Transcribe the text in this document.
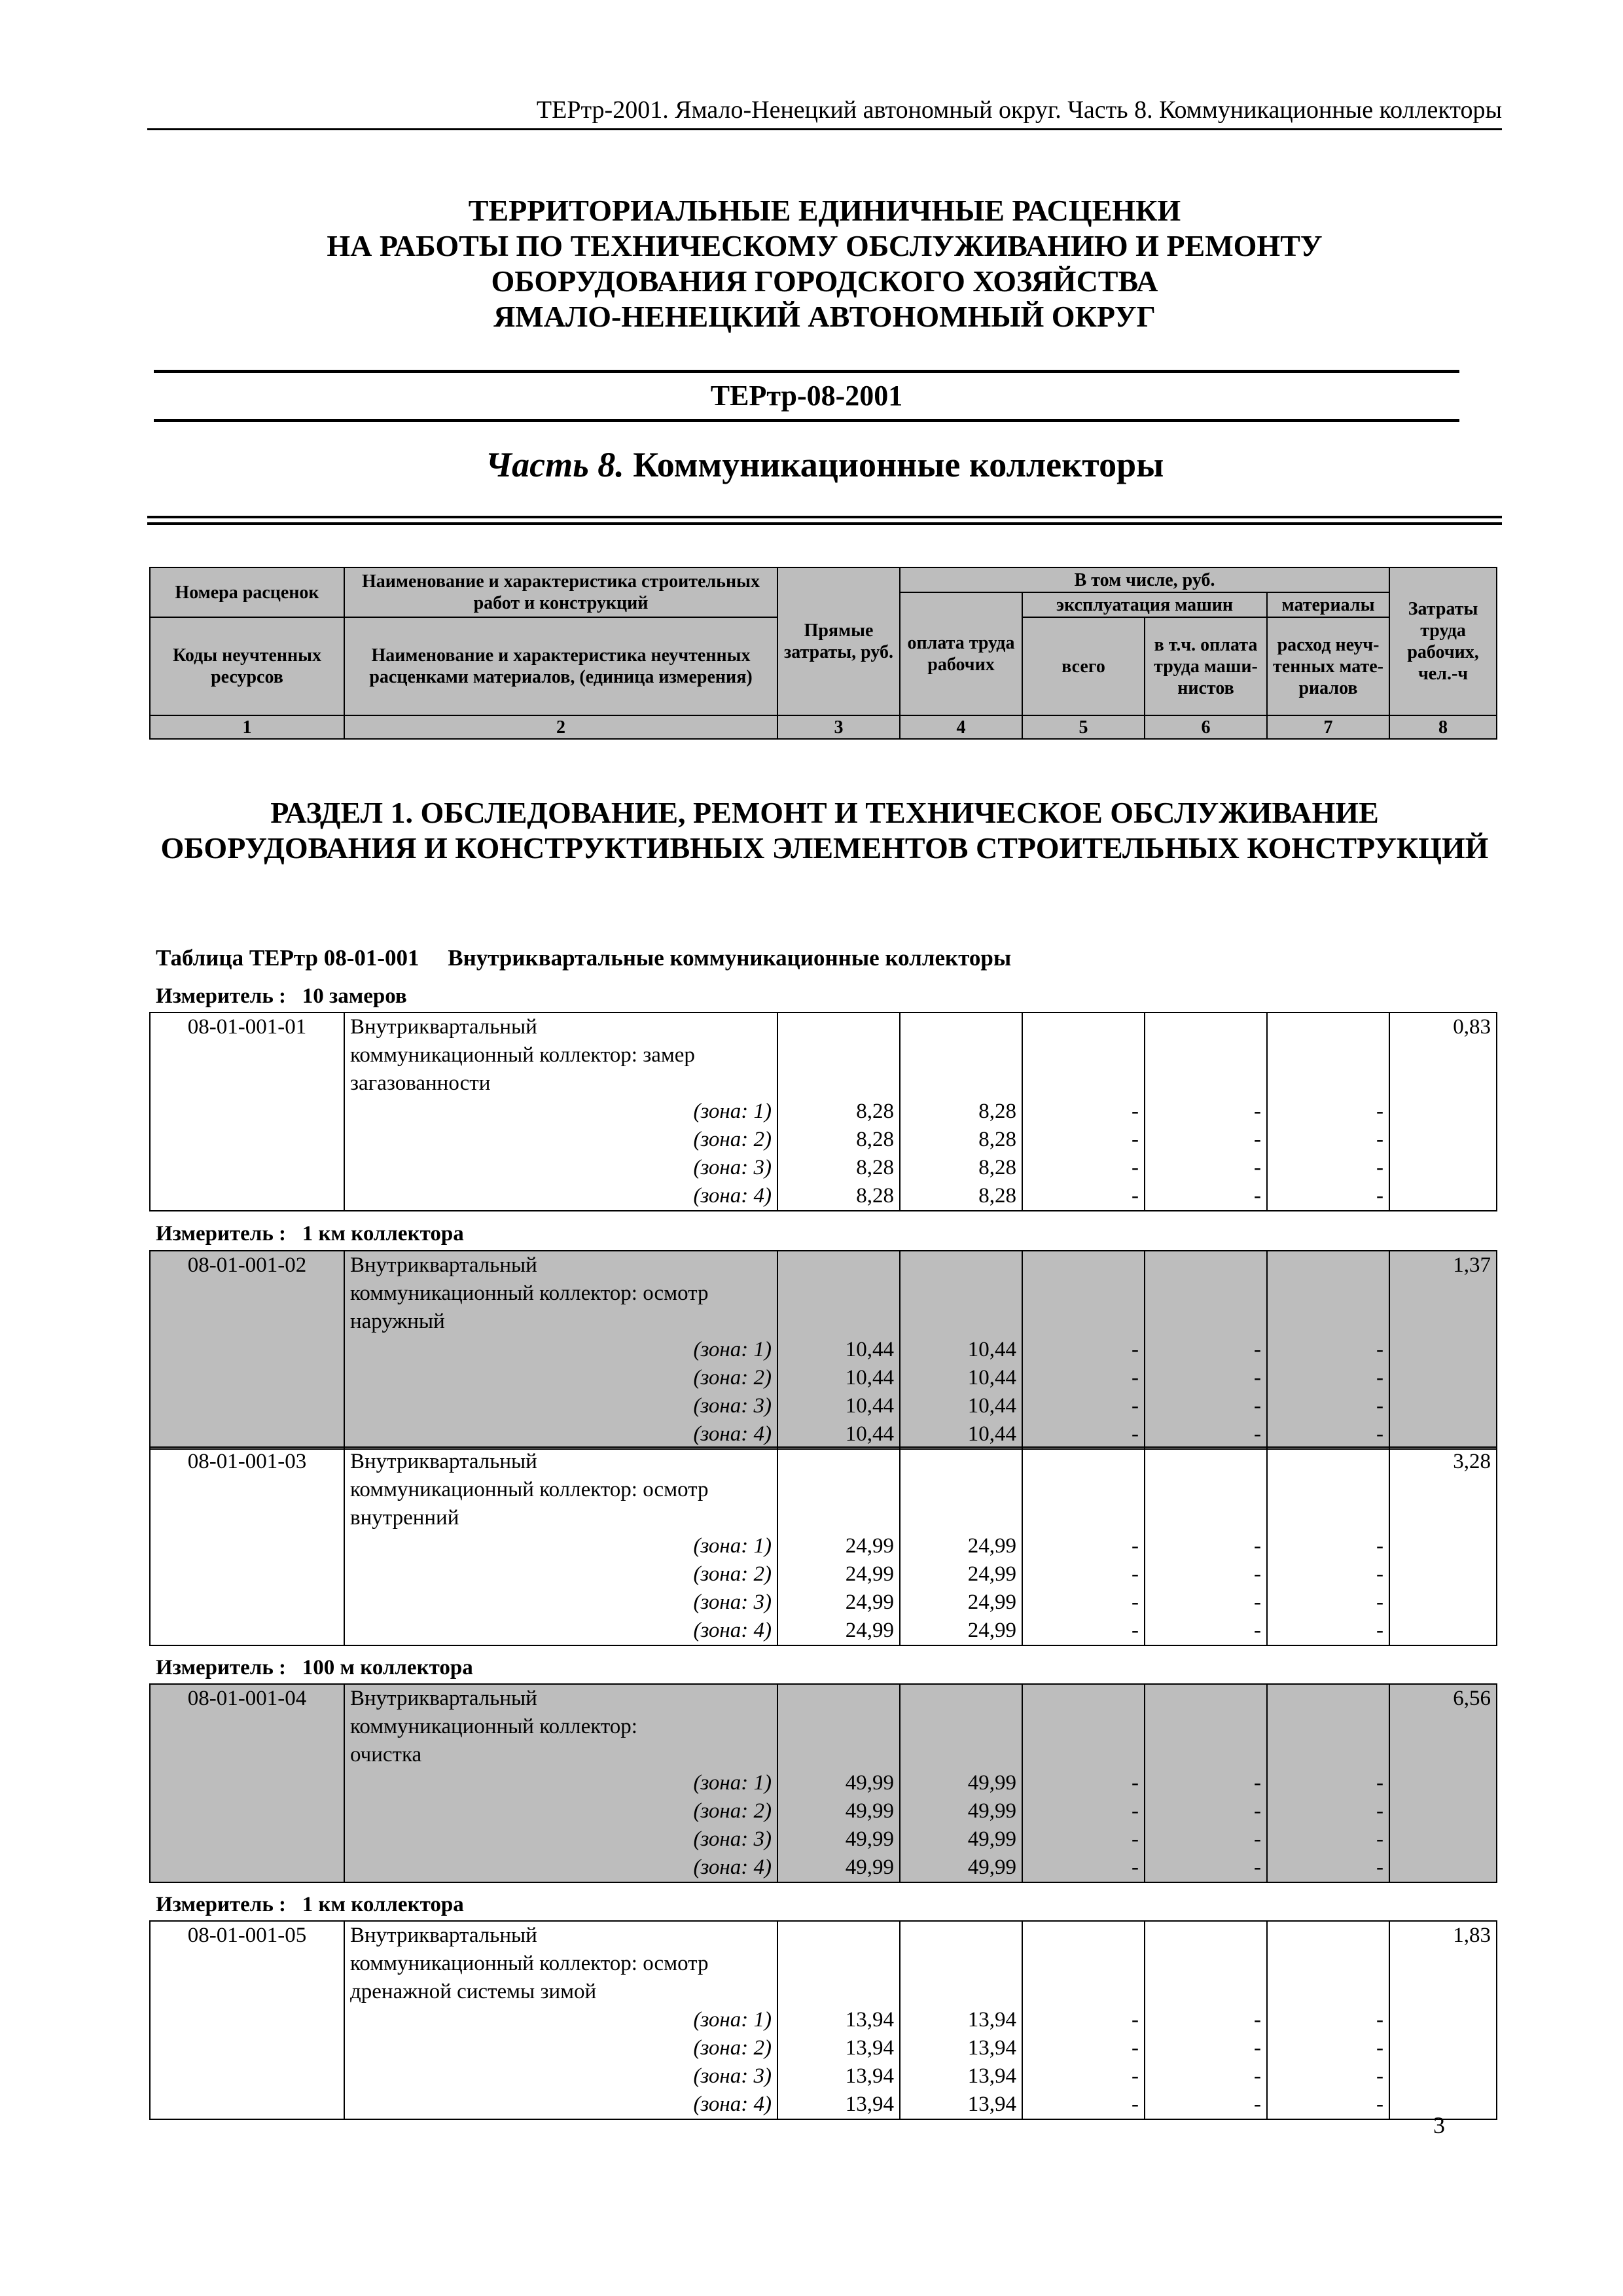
ТЕРтр-2001. Ямало-Ненецкий автономный округ. Часть 8. Коммуникационные коллекторы
ТЕРРИТОРИАЛЬНЫЕ ЕДИНИЧНЫЕ РАСЦЕНКИ
НА РАБОТЫ ПО ТЕХНИЧЕСКОМУ ОБСЛУЖИВАНИЮ И РЕМОНТУ
ОБОРУДОВАНИЯ ГОРОДСКОГО ХОЗЯЙСТВА
ЯМАЛО-НЕНЕЦКИЙ АВТОНОМНЫЙ ОКРУГ
ТЕРтр-08-2001
Часть 8. Коммуникационные коллекторы
Номера расценок	Наименование и характеристика строительных работ и конструкций	Прямые затраты, руб.	В том числе, руб.				Затраты труда рабочих, чел.-ч
			оплата труда рабочих	эксплуатация машин		материалы	
Коды неучтенных ресурсов	Наименование и характеристика неучтенных расценками материалов, (единица измерения)			всего	в т.ч. оплата труда маши- нистов	расход неуч- тенных мате- риалов	

1	2	3	4	5	6	7	8
РАЗДЕЛ 1. ОБСЛЕДОВАНИЕ, РЕМОНТ И ТЕХНИЧЕСКОЕ ОБСЛУЖИВАНИЕ ОБОРУДОВАНИЯ И КОНСТРУКТИВНЫХ ЭЛЕМЕНТОВ СТРОИТЕЛЬНЫХ КОНСТРУКЦИЙ
Таблица ТЕРтр 08-01-001 Внутриквартальные коммуникационные коллекторы
Измеритель : 10 замеров
Измеритель : 1 км коллектора
Измеритель : 100 м коллектора
Измеритель : 1 км коллектора
08-01-001-01	Внутриквартальный						0,83
	коммуникационный коллектор: замер						
	загазованности						
	(зона: 1)	8,28	8,28	-	-	-	
	(зона: 2)	8,28	8,28	-	-	-	
	(зона: 3)	8,28	8,28	-	-	-	
	(зона: 4)	8,28	8,28	-	-	-	
08-01-001-02	Внутриквартальный						1,37
	коммуникационный коллектор: осмотр						
	наружный						
	(зона: 1)	10,44	10,44	-	-	-	
	(зона: 2)	10,44	10,44	-	-	-	
	(зона: 3)	10,44	10,44	-	-	-	
	(зона: 4)	10,44	10,44	-	-	-	
08-01-001-03	Внутриквартальный						3,28
	коммуникационный коллектор: осмотр						
	внутренний						
	(зона: 1)	24,99	24,99	-	-	-	
	(зона: 2)	24,99	24,99	-	-	-	
	(зона: 3)	24,99	24,99	-	-	-	
	(зона: 4)	24,99	24,99	-	-	-	
08-01-001-04	Внутриквартальный						6,56
	коммуникационный коллектор:						
	очистка						
	(зона: 1)	49,99	49,99	-	-	-	
	(зона: 2)	49,99	49,99	-	-	-	
	(зона: 3)	49,99	49,99	-	-	-	
	(зона: 4)	49,99	49,99	-	-	-	
08-01-001-05	Внутриквартальный						1,83
	коммуникационный коллектор: осмотр						
	дренажной системы зимой						
	(зона: 1)	13,94	13,94	-	-	-	
	(зона: 2)	13,94	13,94	-	-	-	
	(зона: 3)	13,94	13,94	-	-	-	
	(зона: 4)	13,94	13,94	-	-	-	
3
